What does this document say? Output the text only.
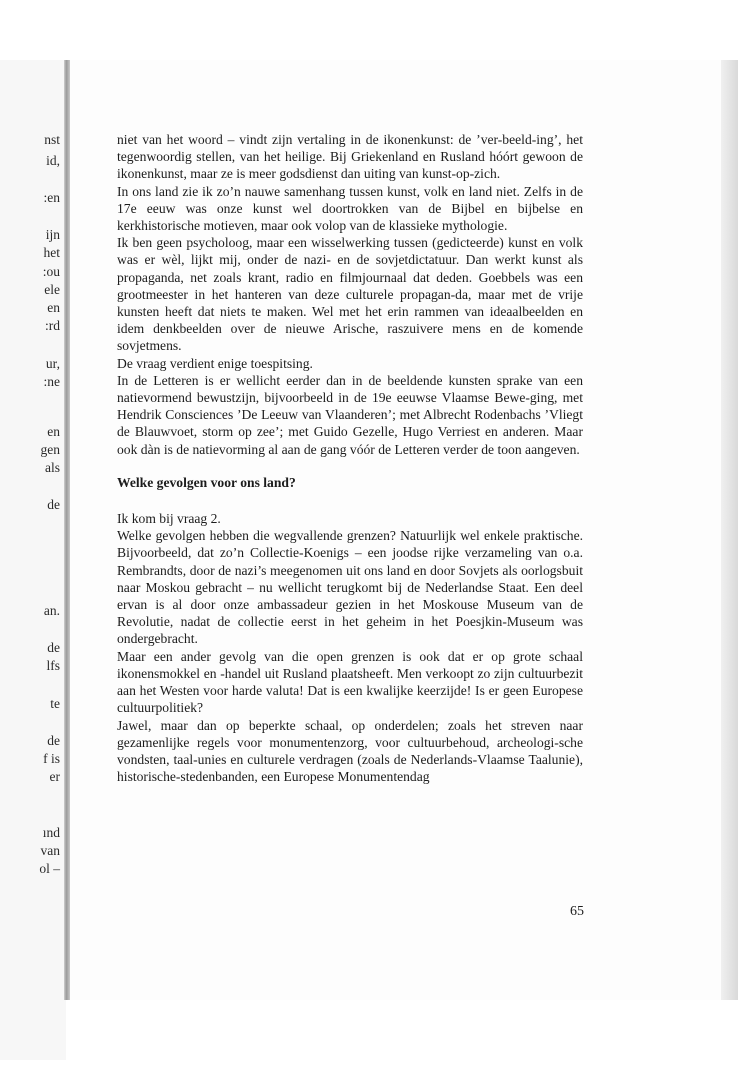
nst
id,
:en
ijn
het
:ou
ele
en
:rd
ur,
:ne
en
gen
als
de
an.
de
lfs
te
de
f is
er
ınd
van
ol –

niet van het woord – vindt zijn vertaling in de ikonenkunst: de ’ver-beeld-ing’, het tegenwoordig stellen, van het heilige. Bij Griekenland en Rusland hóórt gewoon de ikonenkunst, maar ze is meer godsdienst dan uiting van kunst-op-zich.

In ons land zie ik zo’n nauwe samenhang tussen kunst, volk en land niet. Zelfs in de 17e eeuw was onze kunst wel doortrokken van de Bijbel en bijbelse en kerkhistorische motieven, maar ook volop van de klassieke mythologie.

Ik ben geen psycholoog, maar een wisselwerking tussen (gedicteerde) kunst en volk was er wèl, lijkt mij, onder de nazi- en de sovjetdictatuur. Dan werkt kunst als propaganda, net zoals krant, radio en filmjournaal dat deden. Goebbels was een grootmeester in het hanteren van deze culturele propagan-da, maar met de vrije kunsten heeft dat niets te maken. Wel met het erin rammen van ideaalbeelden en idem denkbeelden over de nieuwe Arische, raszuivere mens en de komende sovjetmens.

De vraag verdient enige toespitsing.

In de Letteren is er wellicht eerder dan in de beeldende kunsten sprake van een natievormend bewustzijn, bijvoorbeeld in de 19e eeuwse Vlaamse Bewe-ging, met Hendrik Consciences ’De Leeuw van Vlaanderen’; met Albrecht Rodenbachs ’Vliegt de Blauwvoet, storm op zee’; met Guido Gezelle, Hugo Verriest en anderen. Maar ook dàn is de natievorming al aan de gang vóór de Letteren verder de toon aangeven.

Welke gevolgen voor ons land?

Ik kom bij vraag 2.

Welke gevolgen hebben die wegvallende grenzen? Natuurlijk wel enkele praktische. Bijvoorbeeld, dat zo’n Collectie-Koenigs – een joodse rijke verzameling van o.a. Rembrandts, door de nazi’s meegenomen uit ons land en door Sovjets als oorlogsbuit naar Moskou gebracht – nu wellicht terugkomt bij de Nederlandse Staat. Een deel ervan is al door onze ambassadeur gezien in het Moskouse Museum van de Revolutie, nadat de collectie eerst in het geheim in het Poesjkin-Museum was ondergebracht.

Maar een ander gevolg van die open grenzen is ook dat er op grote schaal ikonensmokkel en -handel uit Rusland plaatsheeft. Men verkoopt zo zijn cultuurbezit aan het Westen voor harde valuta! Dat is een kwalijke keerzijde! Is er geen Europese cultuurpolitiek?

Jawel, maar dan op beperkte schaal, op onderdelen; zoals het streven naar gezamenlijke regels voor monumentenzorg, voor cultuurbehoud, archeologi-sche vondsten, taal-unies en culturele verdragen (zoals de Nederlands-Vlaamse Taalunie), historische-stedenbanden, een Europese Monumentendag

65
